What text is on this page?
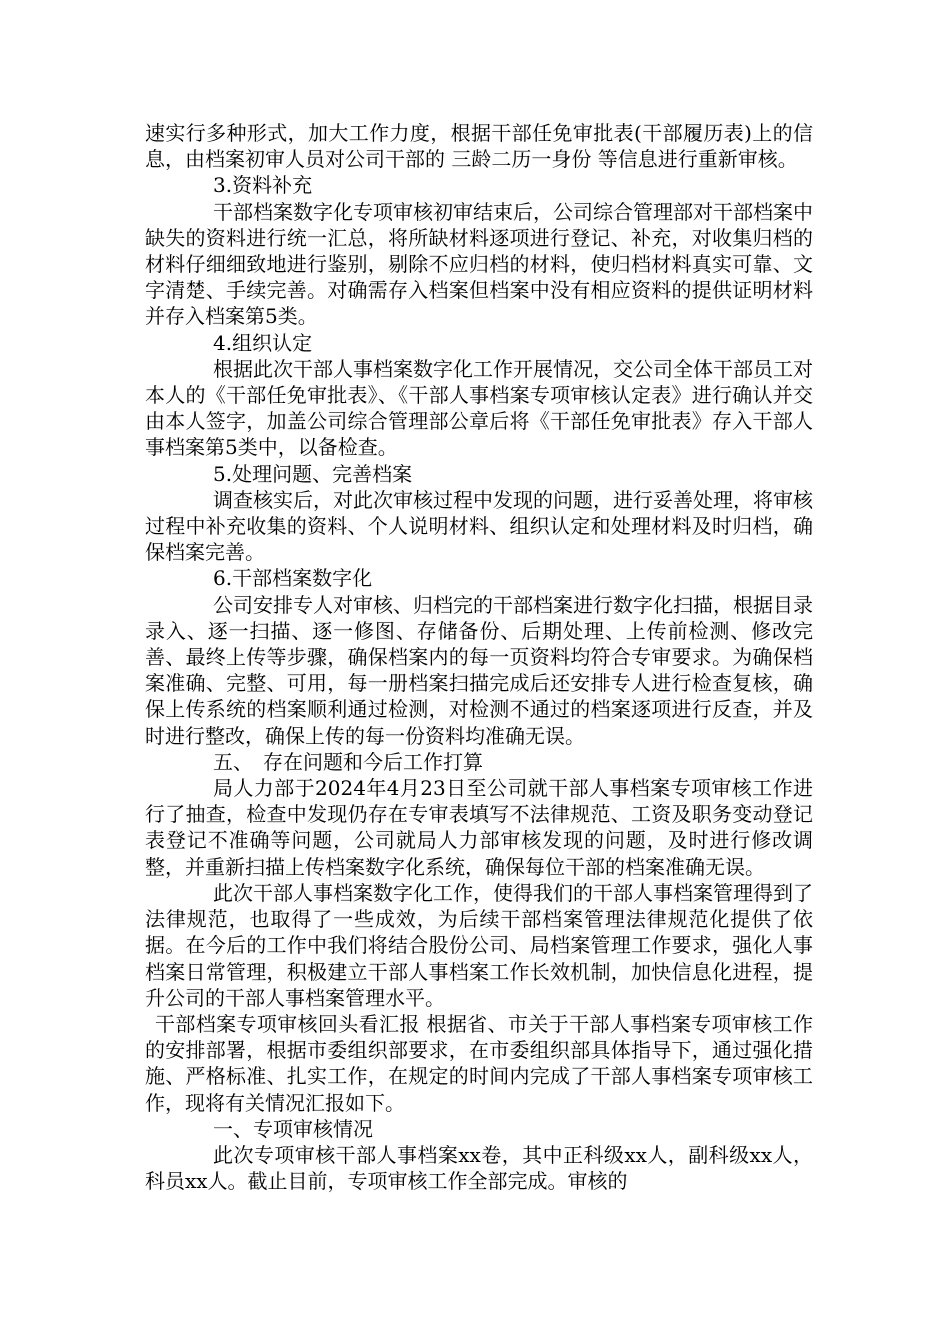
速实行多种形式，加大工作力度，根据干部任免审批表(干部履历表)上的信息，由档案初审人员对公司干部的 三龄二历一身份 等信息进行重新审核。

3.资料补充

干部档案数字化专项审核初审结束后，公司综合管理部对干部档案中缺失的资料进行统一汇总，将所缺材料逐项进行登记、补充，对收集归档的材料仔细细致地进行鉴别，剔除不应归档的材料，使归档材料真实可靠、文字清楚、手续完善。对确需存入档案但档案中没有相应资料的提供证明材料并存入档案第5类。

4.组织认定

根据此次干部人事档案数字化工作开展情况，交公司全体干部员工对本人的《干部任免审批表》、《干部人事档案专项审核认定表》进行确认并交由本人签字，加盖公司综合管理部公章后将《干部任免审批表》存入干部人事档案第5类中，以备检查。

5.处理问题、完善档案

调查核实后，对此次审核过程中发现的问题，进行妥善处理，将审核过程中补充收集的资料、个人说明材料、组织认定和处理材料及时归档，确保档案完善。

6.干部档案数字化

公司安排专人对审核、归档完的干部档案进行数字化扫描，根据目录录入、逐一扫描、逐一修图、存储备份、后期处理、上传前检测、修改完善、最终上传等步骤，确保档案内的每一页资料均符合专审要求。为确保档案准确、完整、可用，每一册档案扫描完成后还安排专人进行检查复核，确保上传系统的档案顺利通过检测，对检测不通过的档案逐项进行反查，并及时进行整改，确保上传的每一份资料均准确无误。

五、　存在问题和今后工作打算

局人力部于2024年4月23日至公司就干部人事档案专项审核工作进行了抽查，检查中发现仍存在专审表填写不法律规范、工资及职务变动登记表登记不准确等问题，公司就局人力部审核发现的问题，及时进行修改调整，并重新扫描上传档案数字化系统，确保每位干部的档案准确无误。

此次干部人事档案数字化工作，使得我们的干部人事档案管理得到了法律规范，也取得了一些成效，为后续干部档案管理法律规范化提供了依据。在今后的工作中我们将结合股份公司、局档案管理工作要求，强化人事档案日常管理，积极建立干部人事档案工作长效机制，加快信息化进程，提升公司的干部人事档案管理水平。

干部档案专项审核回头看汇报 根据省、市关于干部人事档案专项审核工作的安排部署，根据市委组织部要求，在市委组织部具体指导下，通过强化措施、严格标准、扎实工作，在规定的时间内完成了干部人事档案专项审核工作，现将有关情况汇报如下。

一、专项审核情况

此次专项审核干部人事档案xx卷，其中正科级xx人，副科级xx人，科员xx人。截止目前，专项审核工作全部完成。审核的
